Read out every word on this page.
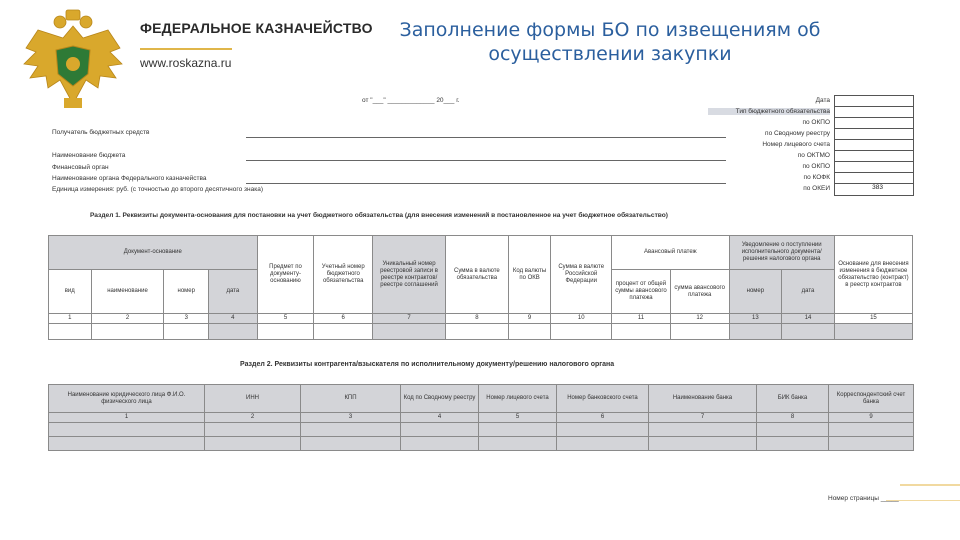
ФЕДЕРАЛЬНОЕ КАЗНАЧЕЙСТВО
www.roskazna.ru
Заполнение формы БО по извещениям об
осуществлении закупки
от "___" _____________ 20___ г.
Получатель бюджетных средств
Наименование бюджета
Финансовый орган
Наименование органа Федерального казначейства
Единица измерения: руб. (с точностью до второго десятичного знака)
Дата
Тип бюджетного обязательства
по ОКПО
по Сводному реестру
Номер лицевого счета
по ОКТМО
по ОКПО
по КОФК
по ОКЕИ	383
Раздел 1. Реквизиты документа-основания для постановки на учет бюджетного обязательства (для внесения изменений в постановленное на учет бюджетное обязательство)
Документ-основание				Предмет по документу-основанию	Учетный номер бюджетного обязательства	Уникальный номер реестровой записи в реестре контрактов/реестре соглашений	Сумма в валюте обязательства	Код валюты по ОКВ	Сумма в валюте Российской Федерации	Авансовый платеж		Уведомление о поступлении исполнительного документа/решения налогового органа		Основание для внесения изменения в бюджетное обязательство (контракт) в реестр контрактов
вид	наименование	номер	дата							процент от общей суммы авансового платежа	сумма авансового платежа	номер	дата	
1	2	3	4	5	6	7	8	9	10	11	12	13	14	15

Раздел 2. Реквизиты контрагента/взыскателя по исполнительному документу/решению налогового органа
Наименование юридического лица Ф.И.О. физического лица	ИНН	КПП	Код по Сводному реестру	Номер лицевого счета	Номер банковского счета	Наименование банка	БИК банка	Корреспондентский счет банка
1	2	3	4	5	6	7	8	9

Номер страницы _____
